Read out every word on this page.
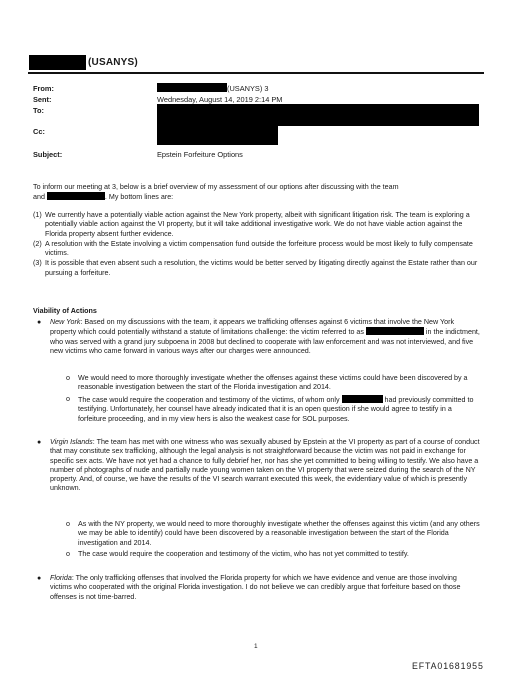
(USANYS)
From:	(USANYS) 3
Sent:	Wednesday, August 14, 2019 2:14 PM
To:
Cc:
Subject:	Epstein Forfeiture Options
To inform our meeting at 3, below is a brief overview of my assessment of our options after discussing with the team
and	. My bottom lines are:
(1) We currently have a potentially viable action against the New York property, albeit with significant litigation risk. The team is exploring a potentially viable action against the VI property, but it will take additional investigative work. We do not have viable action against the Florida property absent further evidence.
(2) A resolution with the Estate involving a victim compensation fund outside the forfeiture process would be most likely to fully compensate victims.
(3) It is possible that even absent such a resolution, the victims would be better served by litigating directly against the Estate rather than our pursuing a forfeiture.
Viability of Actions
● New York: Based on my discussions with the team, it appears we trafficking offenses against 6 victims that involve the New York property which could potentially withstand a statute of limitations challenge: the victim referred to as	in the indictment, who was served with a grand jury subpoena in 2008 but declined to cooperate with law enforcement and was not interviewed, and five new victims who came forward in various ways after our charges were announced.
o We would need to more thoroughly investigate whether the offenses against these victims could have been discovered by a reasonable investigation between the start of the Florida investigation and 2014.
o The case would require the cooperation and testimony of the victims, of whom only	had previously committed to testifying. Unfortunately, her counsel have already indicated that it is an open question if she would agree to testify in a forfeiture proceeding, and in my view hers is also the weakest case for SOL purposes.
● Virgin Islands: The team has met with one witness who was sexually abused by Epstein at the VI property as part of a course of conduct that may constitute sex trafficking, although the legal analysis is not straightforward because the victim was not paid in exchange for specific sex acts. We have not yet had a chance to fully debrief her, nor has she yet committed to being willing to testify. We also have a number of photographs of nude and partially nude young women taken on the VI property that were seized during the search of the NY property. And, of course, we have the results of the VI search warrant executed this week, the evidentiary value of which is presently unknown.
o As with the NY property, we would need to more thoroughly investigate whether the offenses against this victim (and any others we may be able to identify) could have been discovered by a reasonable investigation between the start of the Florida investigation and 2014.
o The case would require the cooperation and testimony of the victim, who has not yet committed to testify.
● Florida: The only trafficking offenses that involved the Florida property for which we have evidence and venue are those involving victims who cooperated with the original Florida investigation. I do not believe we can credibly argue that forfeiture based on those offenses is not time-barred.
1
EFTA01681955
